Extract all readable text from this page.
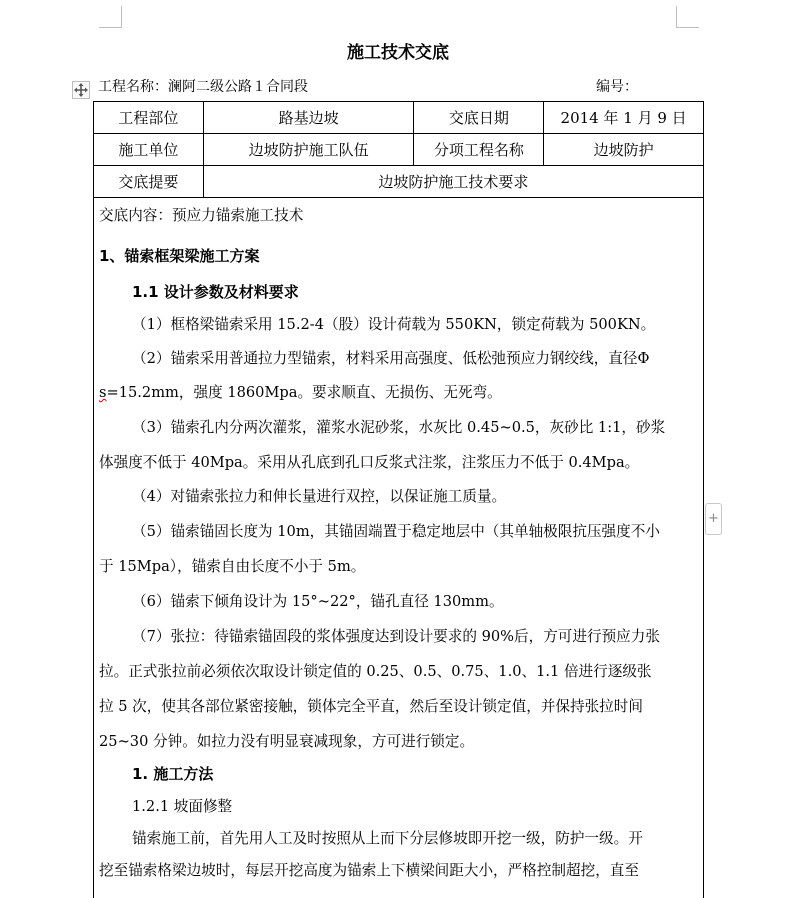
施工技术交底
工程名称：澜阿二级公路１合同段	编号：
工程部位	路基边坡	交底日期	2014 年 1 月 9 日
施工单位	边坡防护施工队伍	分项工程名称	边坡防护
交底提要	边坡防护施工技术要求		
交底内容：预应力锚索施工技术
1、锚索框架梁施工方案
1.1 设计参数及材料要求
（1）框格梁锚索采用 15.2-4（股）设计荷载为 550KN，锁定荷载为 500KN。
（2）锚索采用普通拉力型锚索，材料采用高强度、低松弛预应力钢绞线，直径Φ
s=15.2mm，强度 1860Mpa。要求顺直、无损伤、无死弯。
（3）锚索孔内分两次灌浆，灌浆水泥砂浆，水灰比 0.45~0.5，灰砂比 1:1，砂浆
体强度不低于 40Mpa。采用从孔底到孔口反浆式注浆，注浆压力不低于 0.4Mpa。
（4）对锚索张拉力和伸长量进行双控，以保证施工质量。
（5）锚索锚固长度为 10m，其锚固端置于稳定地层中（其单轴极限抗压强度不小
于 15Mpa），锚索自由长度不小于 5m。
（6）锚索下倾角设计为 15°~22°，锚孔直径 130mm。
（7）张拉：待锚索锚固段的浆体强度达到设计要求的 90%后，方可进行预应力张
拉。正式张拉前必须依次取设计锁定值的 0.25、0.5、0.75、1.0、1.1 倍进行逐级张
拉 5 次，使其各部位紧密接触，锁体完全平直，然后至设计锁定值，并保持张拉时间
25~30 分钟。如拉力没有明显衰减现象，方可进行锁定。
1. 施工方法
1.2.1 坡面修整
锚索施工前，首先用人工及时按照从上而下分层修坡即开挖一级，防护一级。开
挖至锚索格梁边坡时，每层开挖高度为锚索上下横梁间距大小，严格控制超挖，直至
+
